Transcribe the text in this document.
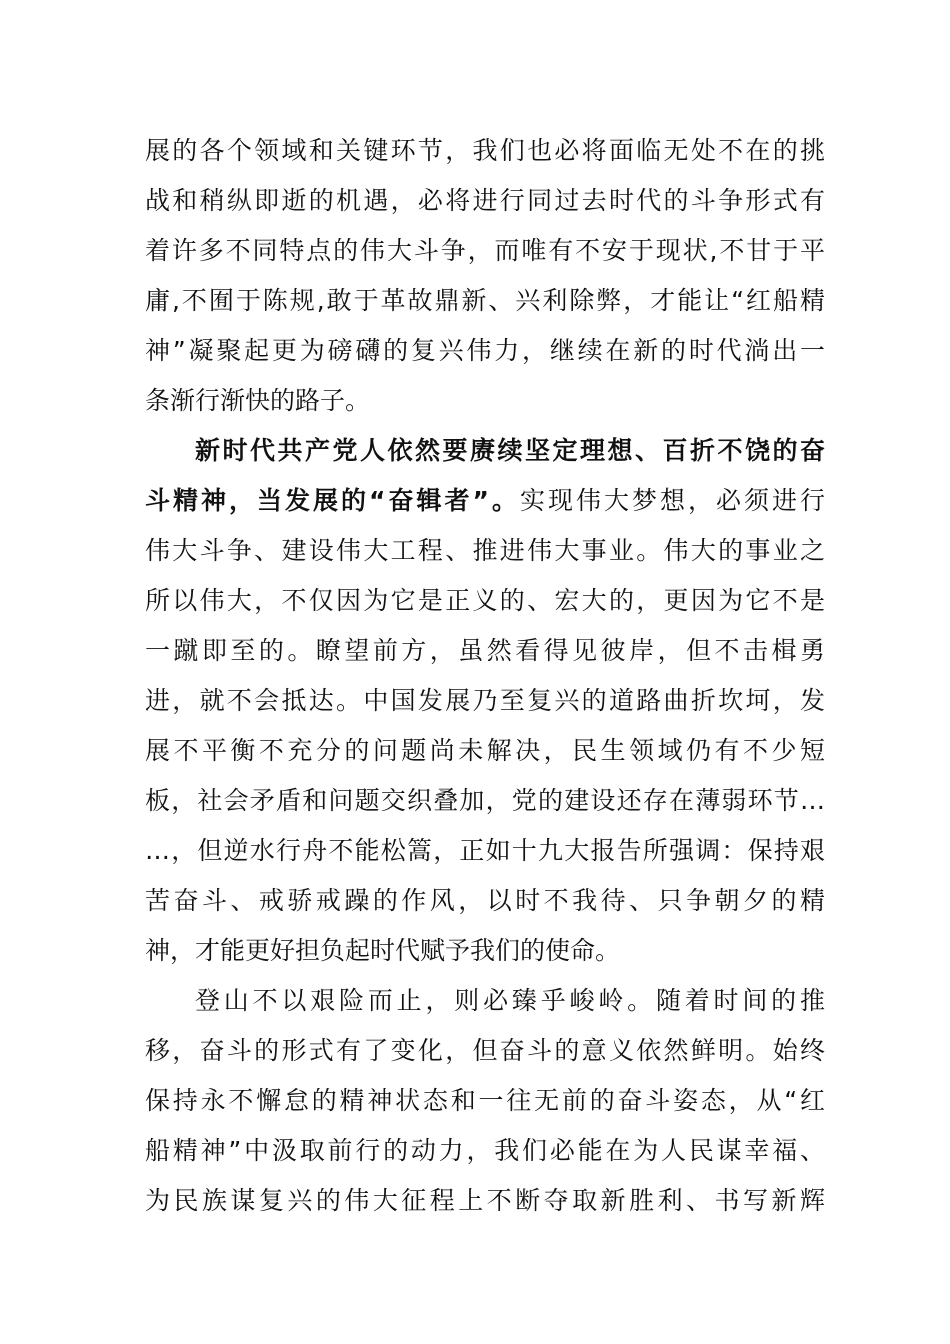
展的各个领域和关键环节，我们也必将面临无处不在的挑
战和稍纵即逝的机遇，必将进行同过去时代的斗争形式有
着许多不同特点的伟大斗争，而唯有不安于现状,不甘于平
庸,不囿于陈规,敢于革故鼎新、兴利除弊，才能让“红船精
神”凝聚起更为磅礴的复兴伟力，继续在新的时代淌出一
条渐行渐快的路子。
新时代共产党人依然要赓续坚定理想、百折不饶的奋
斗精神，当发展的“奋辑者”。实现伟大梦想，必须进行
伟大斗争、建设伟大工程、推进伟大事业。伟大的事业之
所以伟大，不仅因为它是正义的、宏大的，更因为它不是
一蹴即至的。瞭望前方，虽然看得见彼岸，但不击楫勇
进，就不会抵达。中国发展乃至复兴的道路曲折坎坷，发
展不平衡不充分的问题尚未解决，民生领域仍有不少短
板，社会矛盾和问题交织叠加，党的建设还存在薄弱环节…
…，但逆水行舟不能松篙，正如十九大报告所强调：保持艰
苦奋斗、戒骄戒躁的作风，以时不我待、只争朝夕的精
神，才能更好担负起时代赋予我们的使命。
登山不以艰险而止，则必臻乎峻岭。随着时间的推
移，奋斗的形式有了变化，但奋斗的意义依然鲜明。始终
保持永不懈怠的精神状态和一往无前的奋斗姿态，从“红
船精神”中汲取前行的动力，我们必能在为人民谋幸福、
为民族谋复兴的伟大征程上不断夺取新胜利、书写新辉
